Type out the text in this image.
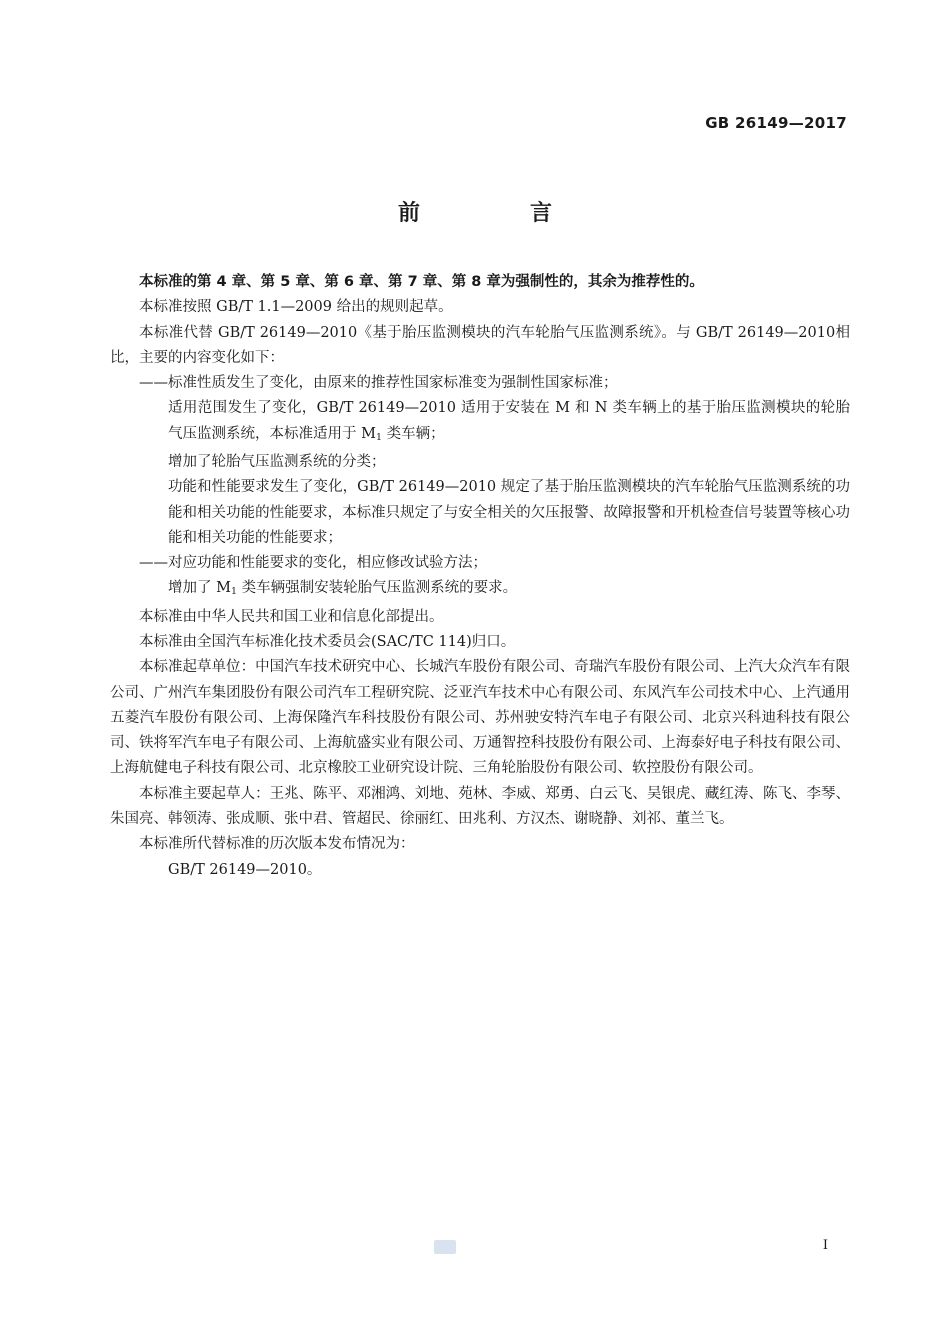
GB 26149—2017
前　言

本标准的第 4 章、第 5 章、第 6 章、第 7 章、第 8 章为强制性的，其余为推荐性的。

本标准按照 GB/T 1.1—2009 给出的规则起草。

本标准代替 GB/T 26149—2010《基于胎压监测模块的汽车轮胎气压监测系统》。与 GB/T 26149—2010相比，主要的内容变化如下：

——标准性质发生了变化，由原来的推荐性国家标准变为强制性国家标准；

适用范围发生了变化，GB/T 26149—2010 适用于安装在 M 和 N 类车辆上的基于胎压监测模块的轮胎气压监测系统，本标准适用于 M1 类车辆；

增加了轮胎气压监测系统的分类；

功能和性能要求发生了变化，GB/T 26149—2010 规定了基于胎压监测模块的汽车轮胎气压监测系统的功能和相关功能的性能要求，本标准只规定了与安全相关的欠压报警、故障报警和开机检查信号装置等核心功能和相关功能的性能要求；

——对应功能和性能要求的变化，相应修改试验方法；

增加了 M1 类车辆强制安装轮胎气压监测系统的要求。

本标准由中华人民共和国工业和信息化部提出。

本标准由全国汽车标准化技术委员会(SAC/TC 114)归口。

本标准起草单位：中国汽车技术研究中心、长城汽车股份有限公司、奇瑞汽车股份有限公司、上汽大众汽车有限公司、广州汽车集团股份有限公司汽车工程研究院、泛亚汽车技术中心有限公司、东风汽车公司技术中心、上汽通用五菱汽车股份有限公司、上海保隆汽车科技股份有限公司、苏州驶安特汽车电子有限公司、北京兴科迪科技有限公司、铁将军汽车电子有限公司、上海航盛实业有限公司、万通智控科技股份有限公司、上海泰好电子科技有限公司、上海航健电子科技有限公司、北京橡胶工业研究设计院、三角轮胎股份有限公司、软控股份有限公司。

本标准主要起草人：王兆、陈平、邓湘鸿、刘地、苑林、李威、郑勇、白云飞、吴银虎、藏红涛、陈飞、李琴、朱国亮、韩领涛、张成顺、张中君、管超民、徐丽红、田兆利、方汉杰、谢晓静、刘祁、董兰飞。

本标准所代替标准的历次版本发布情况为：

GB/T 26149—2010。

I
